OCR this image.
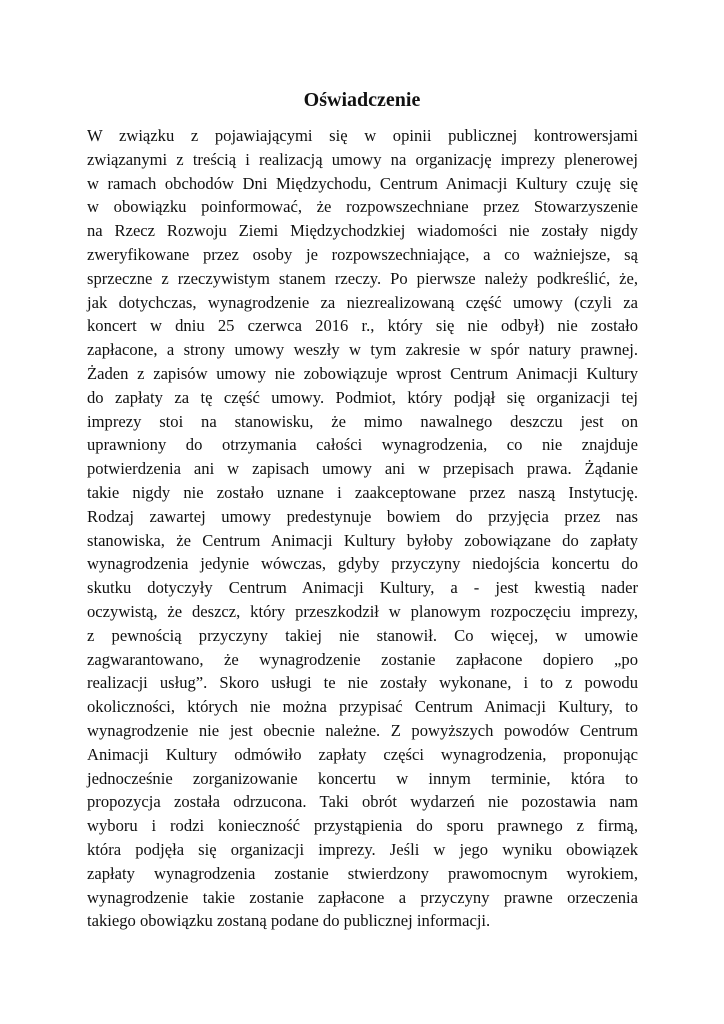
Oświadczenie
W związku z pojawiającymi się w opinii publicznej kontrowersjami
związanymi z treścią i realizacją umowy na organizację imprezy plenerowej
w ramach obchodów Dni Międzychodu, Centrum Animacji Kultury czuję się
w obowiązku poinformować, że rozpowszechniane przez Stowarzyszenie
na Rzecz Rozwoju Ziemi Międzychodzkiej wiadomości nie zostały nigdy
zweryfikowane przez osoby je rozpowszechniające, a co ważniejsze, są
sprzeczne z rzeczywistym stanem rzeczy. Po pierwsze należy podkreślić, że,
jak dotychczas, wynagrodzenie za niezrealizowaną część umowy (czyli za
koncert w dniu 25 czerwca 2016 r., który się nie odbył) nie zostało
zapłacone, a strony umowy weszły w tym zakresie w spór natury prawnej.
Żaden z zapisów umowy nie zobowiązuje wprost Centrum Animacji Kultury
do zapłaty za tę część umowy. Podmiot, który podjął się organizacji tej
imprezy stoi na stanowisku, że mimo nawalnego deszczu jest on
uprawniony do otrzymania całości wynagrodzenia, co nie znajduje
potwierdzenia ani w zapisach umowy ani w przepisach prawa. Żądanie
takie nigdy nie zostało uznane i zaakceptowane przez naszą Instytucję.
Rodzaj zawartej umowy predestynuje bowiem do przyjęcia przez nas
stanowiska, że Centrum Animacji Kultury byłoby zobowiązane do zapłaty
wynagrodzenia jedynie wówczas, gdyby przyczyny niedojścia koncertu do
skutku dotyczyły Centrum Animacji Kultury, a - jest kwestią nader
oczywistą, że deszcz, który przeszkodził w planowym rozpoczęciu imprezy,
z pewnością przyczyny takiej nie stanowił. Co więcej, w umowie
zagwarantowano, że wynagrodzenie zostanie zapłacone dopiero „po
realizacji usług”. Skoro usługi te nie zostały wykonane, i to z powodu
okoliczności, których nie można przypisać Centrum Animacji Kultury, to
wynagrodzenie nie jest obecnie należne. Z powyższych powodów Centrum
Animacji Kultury odmówiło zapłaty części wynagrodzenia, proponując
jednocześnie zorganizowanie koncertu w innym terminie, która to
propozycja została odrzucona. Taki obrót wydarzeń nie pozostawia nam
wyboru i rodzi konieczność przystąpienia do sporu prawnego z firmą,
która podjęła się organizacji imprezy. Jeśli w jego wyniku obowiązek
zapłaty wynagrodzenia zostanie stwierdzony prawomocnym wyrokiem,
wynagrodzenie takie zostanie zapłacone a przyczyny prawne orzeczenia
takiego obowiązku zostaną podane do publicznej informacji.
